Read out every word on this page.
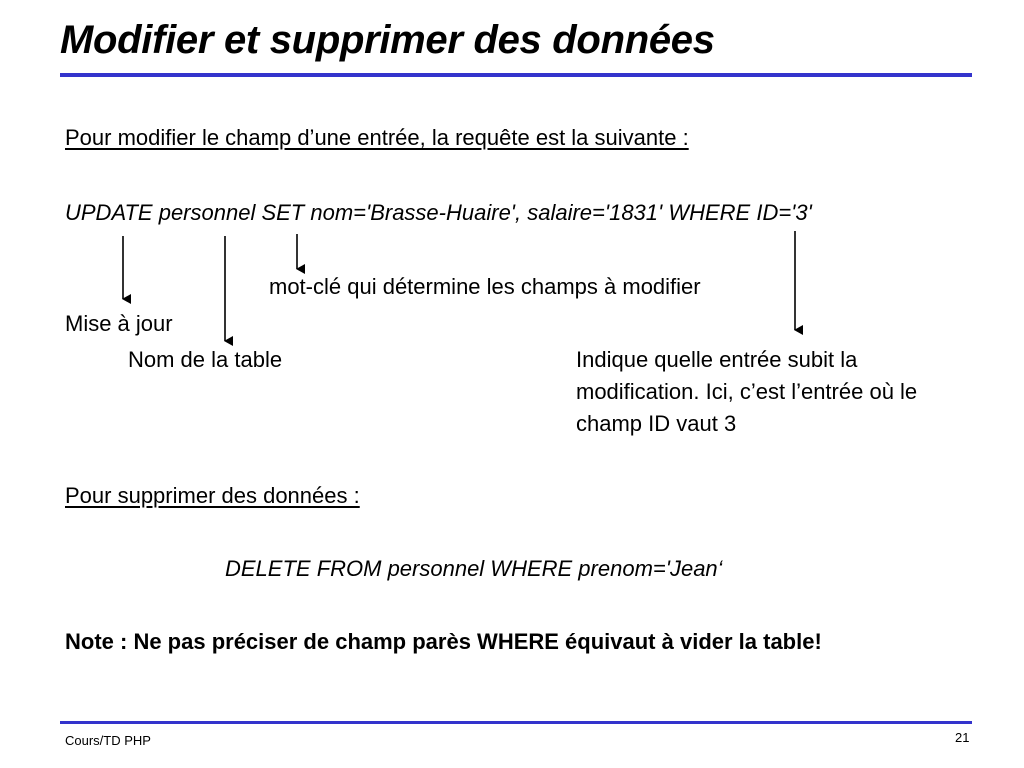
Modifier et supprimer des données

Pour modifier le champ d’une entrée, la requête est la suivante :

UPDATE personnel SET nom='Brasse-Huaire', salaire='1831' WHERE ID='3'

mot-clé qui détermine les champs à modifier

Mise à jour

Nom de la table	Indique quelle entrée subit la modification. Ici, c’est l’entrée où le champ ID vaut 3

Pour supprimer des données :

DELETE FROM personnel WHERE prenom='Jean‘

Note : Ne pas préciser de champ parès WHERE équivaut à vider la table!

Cours/TD PHP	21
